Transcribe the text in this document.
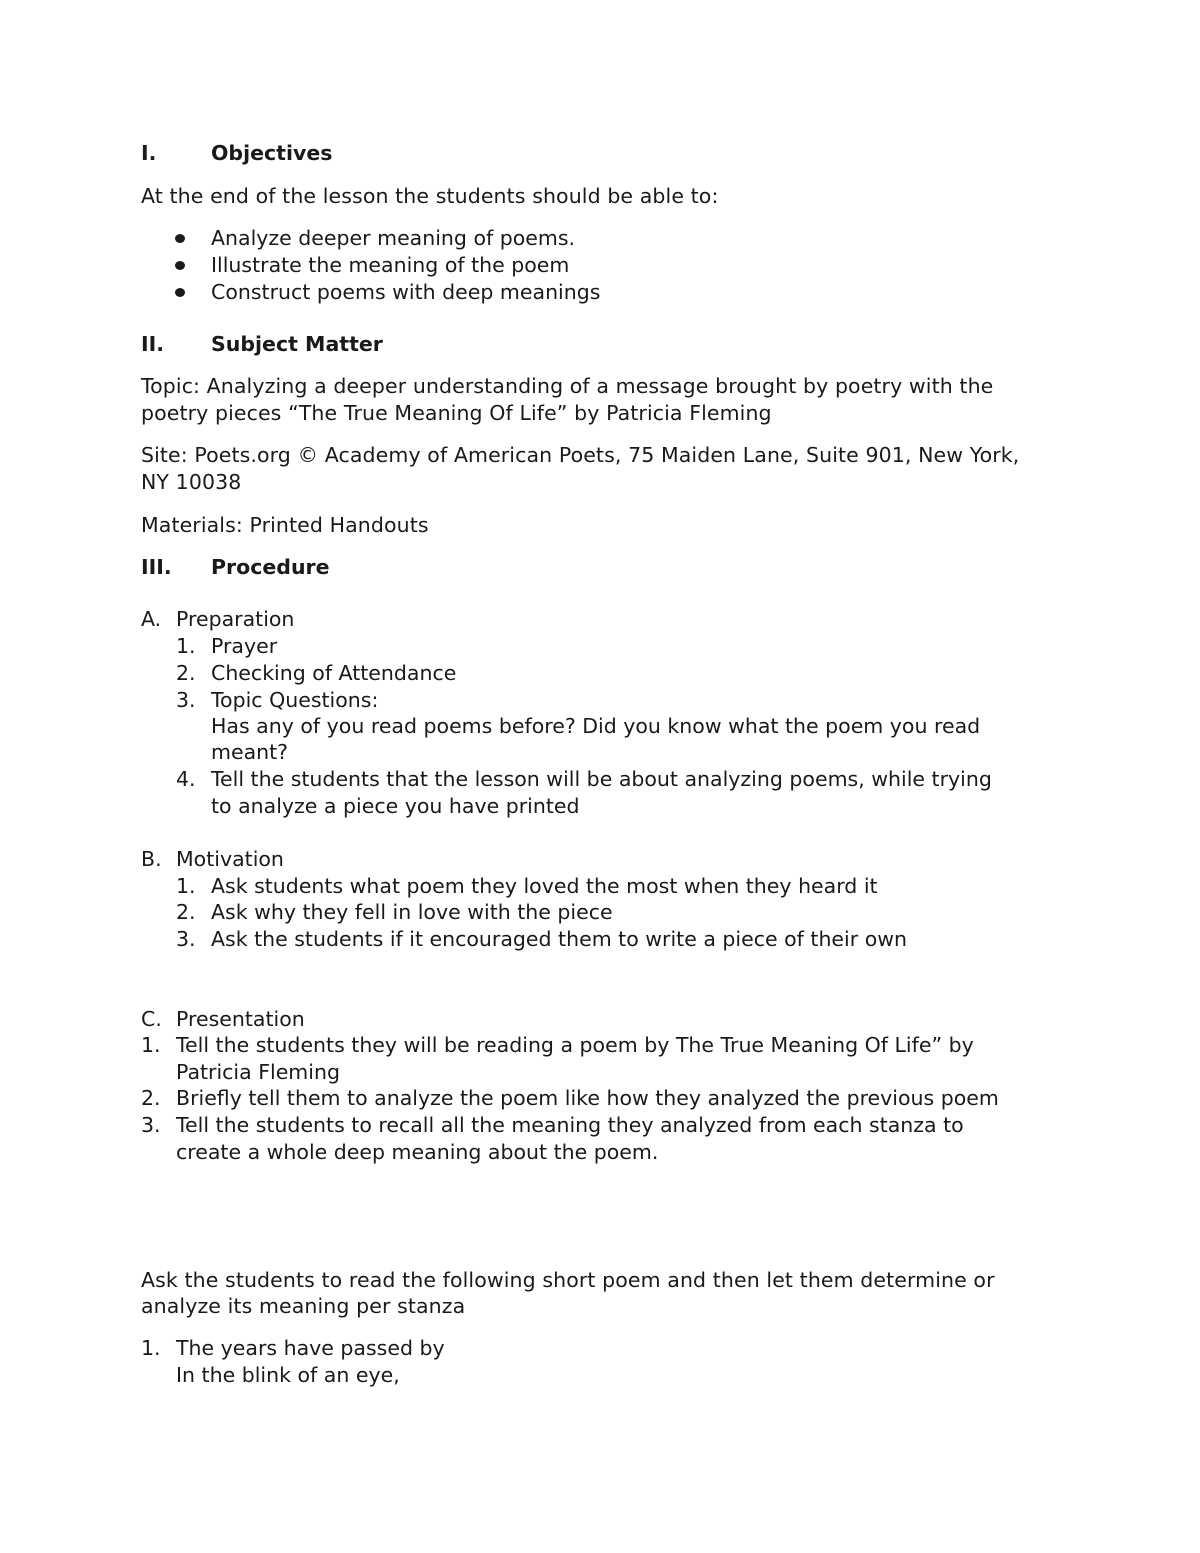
I.	Objectives
At the end of the lesson the students should be able to:
Analyze deeper meaning of poems.
Illustrate the meaning of the poem
Construct poems with deep meanings
II. Subject Matter
Topic: Analyzing a deeper understanding of a message brought by poetry with the
poetry pieces “The True Meaning Of Life” by Patricia Fleming
Site: Poets.org © Academy of American Poets, 75 Maiden Lane, Suite 901, New York,
NY 10038
Materials: Printed Handouts
III. Procedure
A. Preparation
1. Prayer
2. Checking of Attendance
3. Topic Questions:
Has any of you read poems before? Did you know what the poem you read
meant?
4. Tell the students that the lesson will be about analyzing poems, while trying
to analyze a piece you have printed
B. Motivation
1. Ask students what poem they loved the most when they heard it
2. Ask why they fell in love with the piece
3. Ask the students if it encouraged them to write a piece of their own
C. Presentation
1. Tell the students they will be reading a poem by The True Meaning Of Life” by
Patricia Fleming
2. Briefly tell them to analyze the poem like how they analyzed the previous poem
3. Tell the students to recall all the meaning they analyzed from each stanza to
create a whole deep meaning about the poem.
Ask the students to read the following short poem and then let them determine or
analyze its meaning per stanza
1. The years have passed by
In the blink of an eye,
